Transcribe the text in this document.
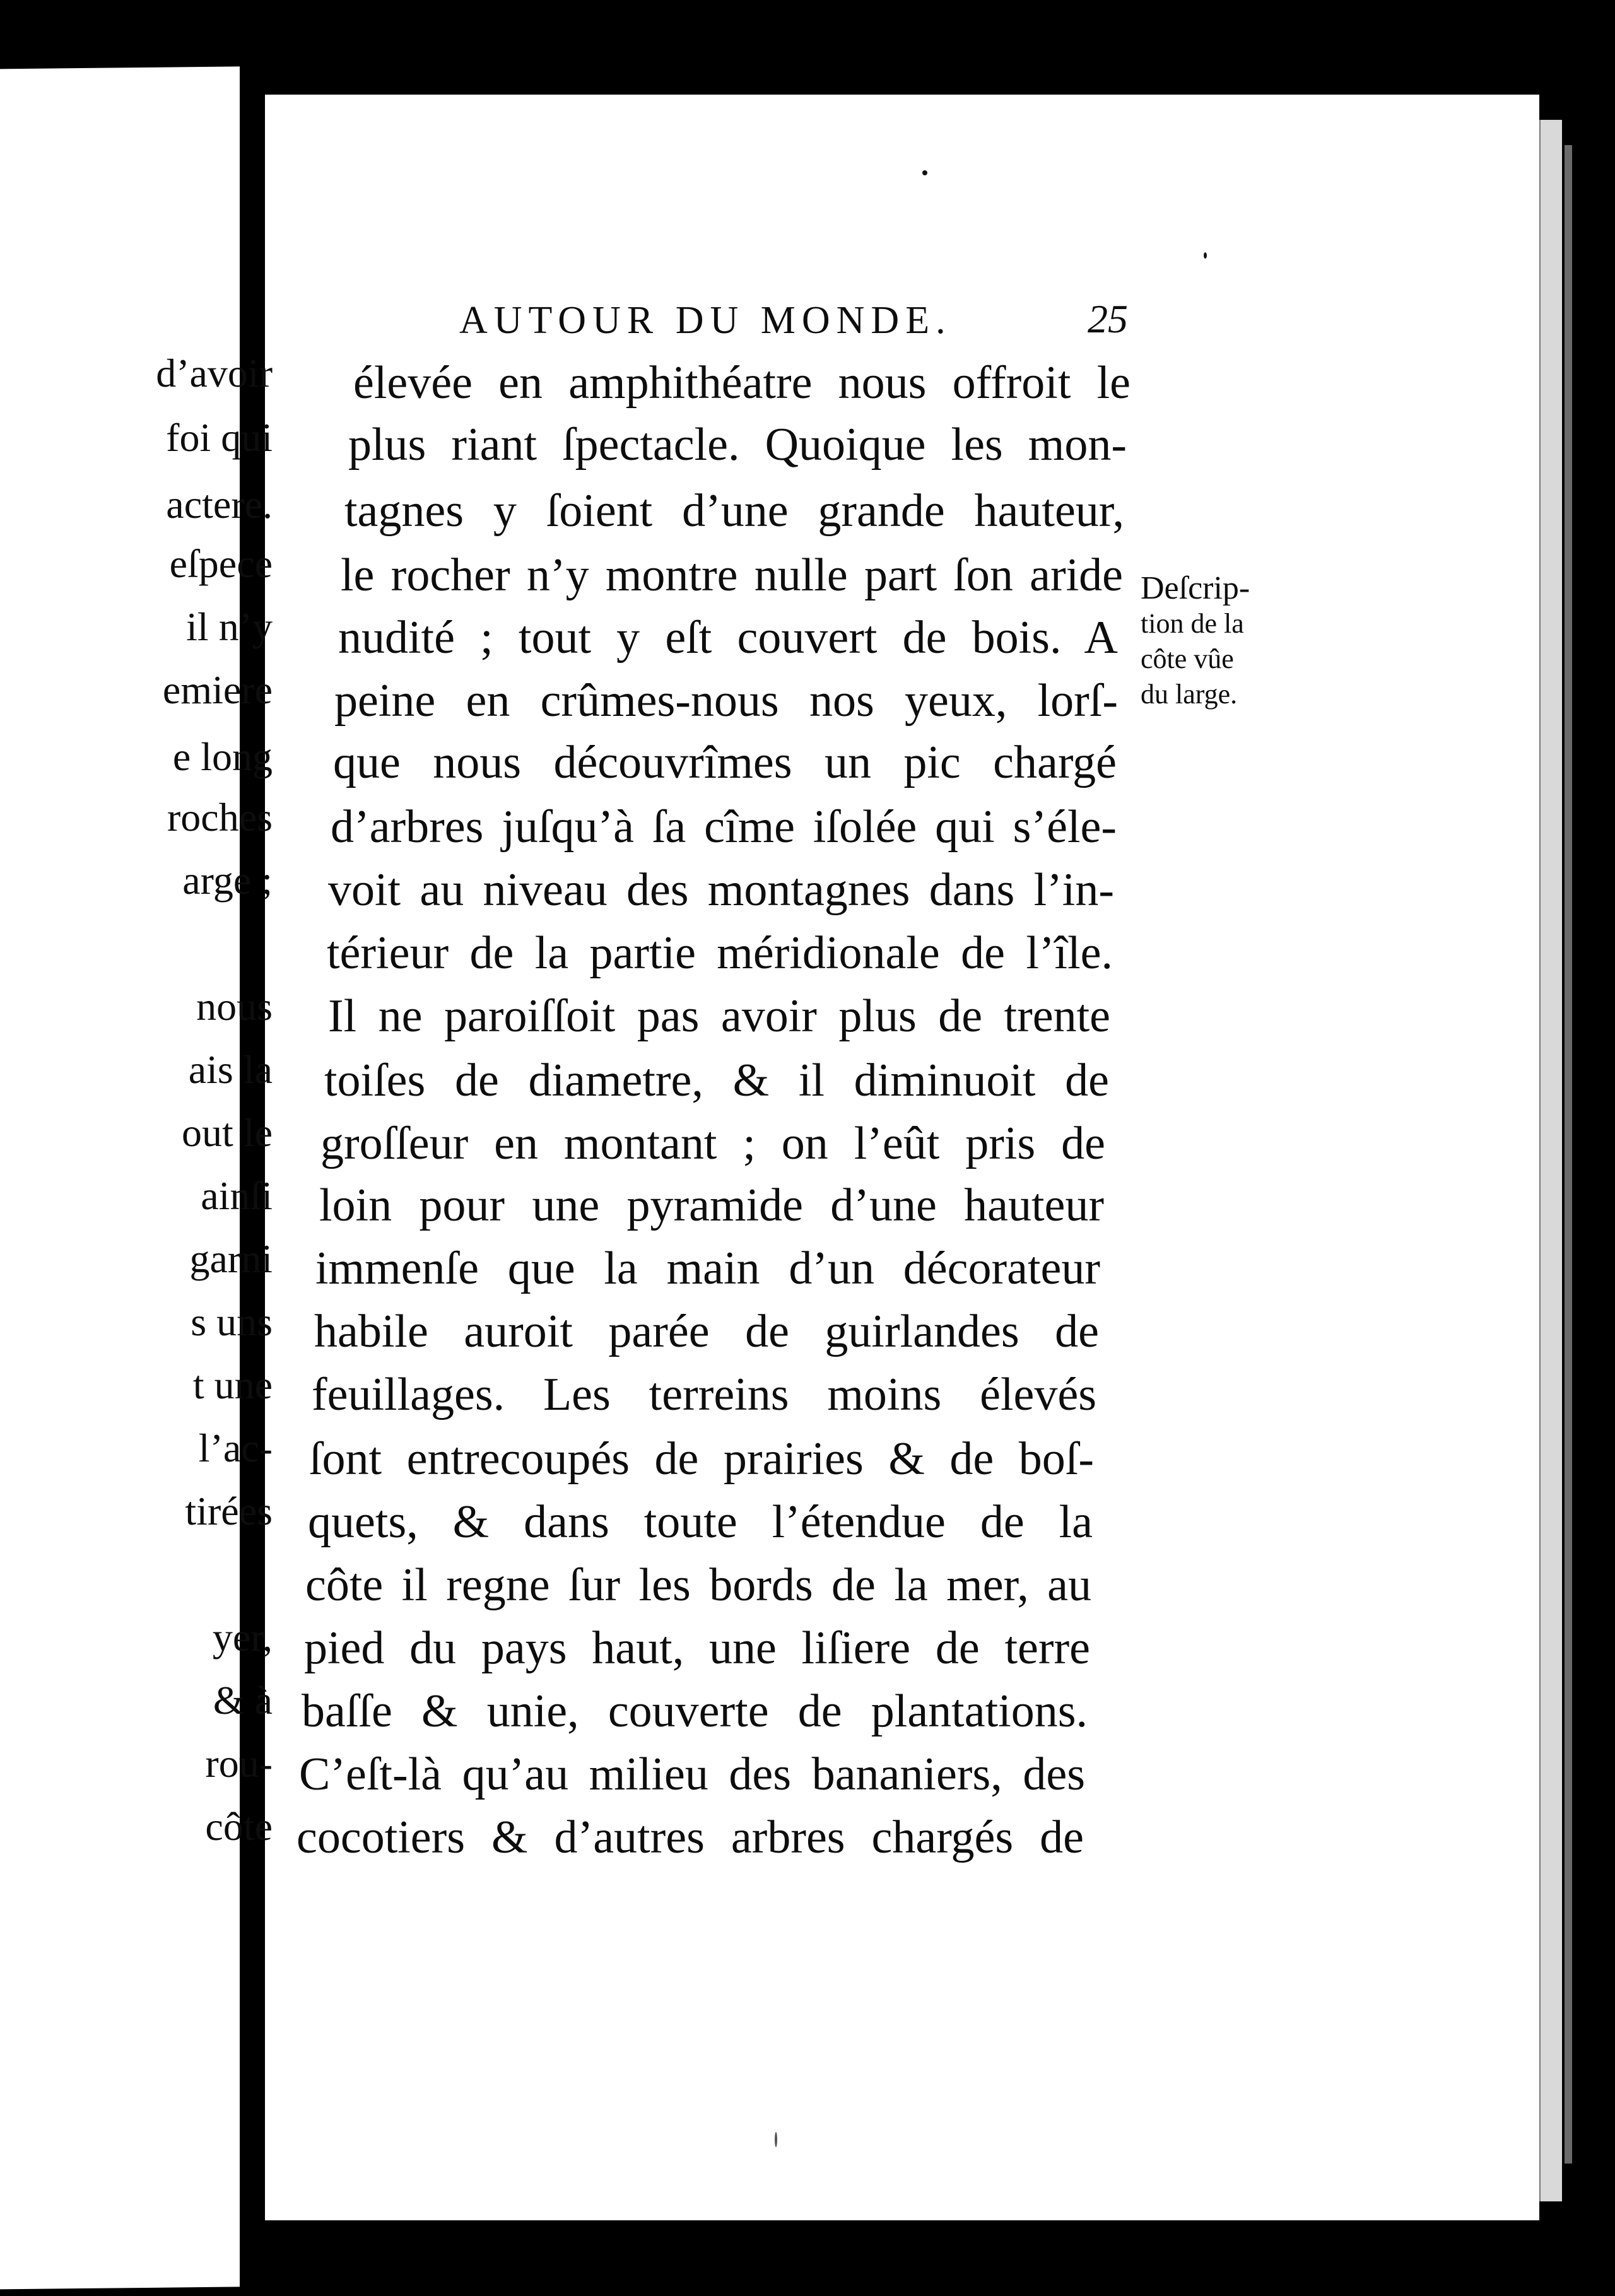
d’avoir
foi qui
actere.
eſpece
il n’y
emiere
e long
roches
arge ;
nous
ais la
out le
ainſi
garni
s uns
t une
l’ac-
tirées
yer,
& à
rou-
côte
AUTOUR DU MONDE.	25
élevée en amphithéatre nous offroit le
plus riant ſpectacle. Quoique les mon-
tagnes y ſoient d’une grande hauteur,
le rocher n’y montre nulle part ſon aride
nudité ; tout y eſt couvert de bois. A
peine en crûmes-nous nos yeux, lorſ-
que nous découvrîmes un pic chargé
d’arbres juſqu’à ſa cîme iſolée qui s’éle-
voit au niveau des montagnes dans l’in-
térieur de la partie méridionale de l’île.
Il ne paroiſſoit pas avoir plus de trente
toiſes de diametre, & il diminuoit de
groſſeur en montant ; on l’eût pris de
loin pour une pyramide d’une hauteur
immenſe que la main d’un décorateur
habile auroit parée de guirlandes de
feuillages. Les terreins moins élevés
ſont entrecoupés de prairies & de boſ-
quets, & dans toute l’étendue de la
côte il regne ſur les bords de la mer, au
pied du pays haut, une liſiere de terre
baſſe & unie, couverte de plantations.
C’eſt-là qu’au milieu des bananiers, des
cocotiers & d’autres arbres chargés de
Deſcrip-
tion de la
côte vûe
du large.
